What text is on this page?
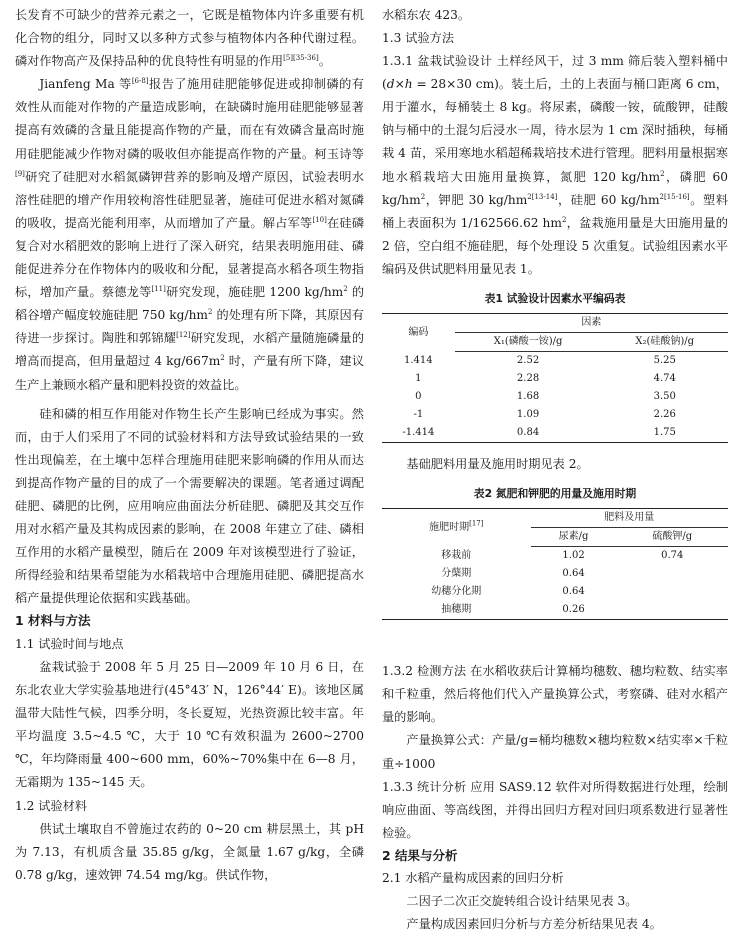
长发育不可缺少的营养元素之一，它既是植物体内许多重要有机化合物的组分，同时又以多种方式参与植物体内各种代谢过程。磷对作物高产及保持品种的优良特性有明显的作用[5][35-36]。

Jianfeng Ma 等[6-8]报告了施用硅肥能够促进或抑制磷的有效性从而能对作物的产量造成影响，在缺磷时施用硅肥能够显著提高有效磷的含量且能提高作物的产量，而在有效磷含量高时施用硅肥能减少作物对磷的吸收但亦能提高作物的产量。柯玉诗等[9]研究了硅肥对水稻氮磷钾营养的影响及增产原因，试验表明水溶性硅肥的增产作用较枸溶性硅肥显著，施硅可促进水稻对氮磷的吸收，提高光能利用率，从而增加了产量。解占军等[10]在硅磷复合对水稻肥效的影响上进行了深入研究，结果表明施用硅、磷能促进养分在作物体内的吸收和分配，显著提高水稻各项生物指标，增加产量。蔡德龙等[11]研究发现，施硅肥 1200 $kg/hm^2$ 的稻谷增产幅度较施硅肥 750 $kg/hm^2$ 的处理有所下降，其原因有待进一步探讨。陶胜和郭锦耀[12]研究发现，水稻产量随施磷量的增高而提高，但用量超过 4 $kg/667m^2$ 时，产量有所下降，建议生产上兼顾水稻产量和肥料投资的效益比。

硅和磷的相互作用能对作物生长产生影响已经成为事实。然而，由于人们采用了不同的试验材料和方法导致试验结果的一致性出现偏差，在土壤中怎样合理施用硅肥来影响磷的作用从而达到提高作物产量的目的成了一个需要解决的课题。笔者通过调配硅肥、磷肥的比例，应用响应曲面法分析硅肥、磷肥及其交互作用对水稻产量及其构成因素的影响，在 2008 年建立了硅、磷相互作用的水稻产量模型，随后在 2009 年对该模型进行了验证，所得经验和结果希望能为水稻栽培中合理施用硅肥、磷肥提高水稻产量提供理论依据和实践基础。

1 材料与方法
1.1 试验时间与地点

盆栽试验于 2008 年 5 月 25 日—2009 年 10 月 6 日，在东北农业大学实验基地进行(45°43′ N，126°44′ E)。该地区属温带大陆性气候，四季分明，冬长夏短，光热资源比较丰富。年平均温度 3.5~4.5 ℃，大于 10 ℃有效积温为 2600~2700 ℃，年均降雨量 400~600 mm，60%~70%集中在 6—8 月，无霜期为 135~145 天。

1.2 试验材料

供试土壤取自不曾施过农药的 0~20 cm 耕层黑土，其 pH 为 7.13，有机质含量 35.85 g/kg，全氮量 1.67 g/kg，全磷 0.78 g/kg，速效钾 74.54 mg/kg。供试作物，

水稻东农 423。

1.3 试验方法

1.3.1 盆栽试验设计 土样经风干，过 3 mm 筛后装入塑料桶中(d×h = 28×30 cm)。装土后，土的上表面与桶口距离 6 cm，用于灌水，每桶装土 8 kg。将尿素，磷酸一铵，硫酸钾，硅酸钠与桶中的土混匀后浸水一周，待水层为 1 cm 深时插秧，每桶栽 4 苗，采用寒地水稻超稀栽培技术进行管理。肥料用量根据寒地水稻栽培大田施用量换算，氮肥 120 $kg/hm^2$，磷肥 60 $kg/hm^2$，钾肥 30 $kg/hm^{2[13-14]}$，硅肥 60 $kg/hm^{2[15-16]}$。塑料桶上表面积为 1/162566.62 $hm^2$，盆栽施用量是大田施用量的 2 倍，空白组不施硅肥，每个处理设 5 次重复。试验组因素水平编码及供试肥料用量见表 1。

表1 试验设计因素水平编码表
编码	因素	
	X₁(磷酸一铵)/g	X₂(硅酸钠)/g
1.414	2.52	5.25
1	2.28	4.74
0	1.68	3.50
-1	1.09	2.26
-1.414	0.84	1.75

基础肥料用量及施用时期见表 2。

表2 氮肥和钾肥的用量及施用时期
施肥时期[17]	肥料及用量	
	尿素/g	硫酸钾/g
移栽前	1.02	0.74
分蘖期	0.64	
幼穗分化期	0.64	
抽穗期	0.26	

1.3.2 检测方法 在水稻收获后计算桶均穗数、穗均粒数、结实率和千粒重，然后将他们代入产量换算公式，考察磷、硅对水稻产量的影响。

产量换算公式：产量/g=桶均穗数×穗均粒数×结实率×千粒重÷1000

1.3.3 统计分析 应用 SAS9.12 软件对所得数据进行处理，绘制响应曲面、等高线图，并得出回归方程对回归项系数进行显著性检验。

2 结果与分析
2.1 水稻产量构成因素的回归分析

二因子二次正交旋转组合设计结果见表 3。

产量构成因素回归分析与方差分析结果见表 4。
